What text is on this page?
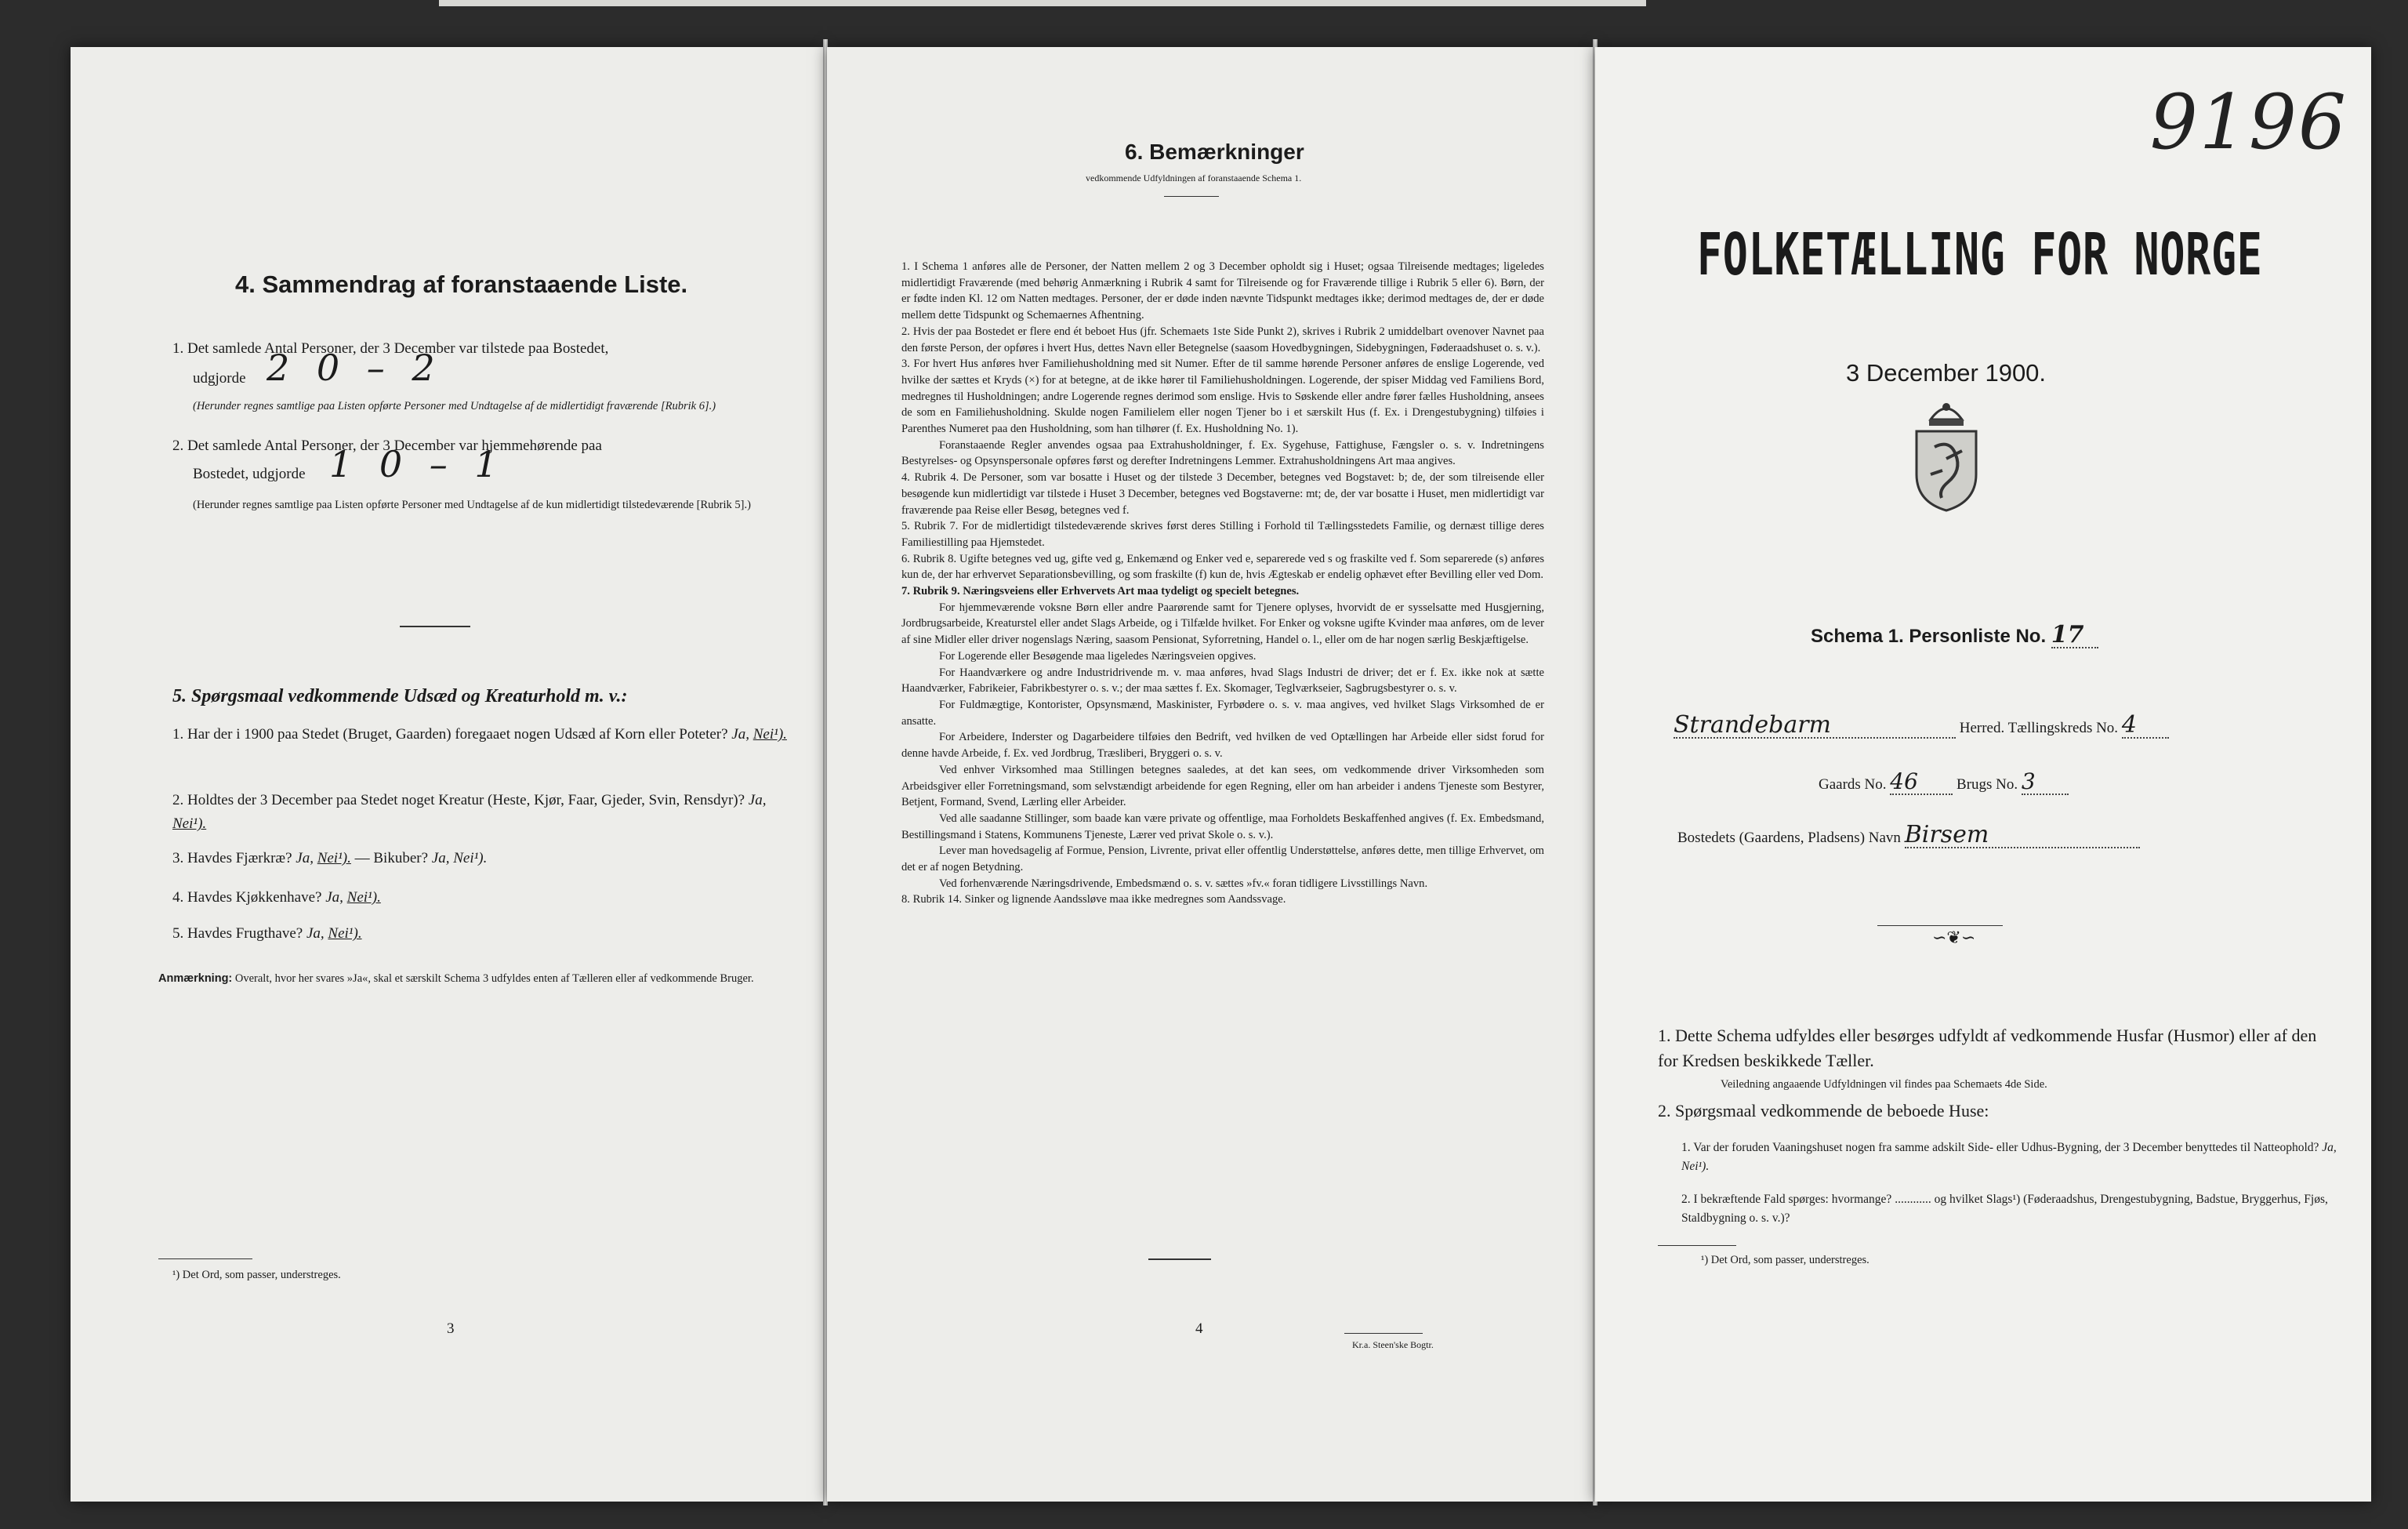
4. Sammendrag af foranstaaende Liste.
1. Det samlede Antal Personer, der 3 December var tilstede paa Bostedet,
udgjorde 2 0 – 2
(Herunder regnes samtlige paa Listen opførte Personer med Undtagelse af de midlertidigt fraværende [Rubrik 6].)
2. Det samlede Antal Personer, der 3 December var hjemmehørende paa
Bostedet, udgjorde 1 0 – 1
(Herunder regnes samtlige paa Listen opførte Personer med Undtagelse af de kun midlertidigt tilstedeværende [Rubrik 5].)
5. Spørgsmaal vedkommende Udsæd og Kreaturhold m. v.:
1. Har der i 1900 paa Stedet (Bruget, Gaarden) foregaaet nogen Udsæd af Korn eller Poteter? Ja, Nei¹).
2. Holdtes der 3 December paa Stedet noget Kreatur (Heste, Kjør, Faar, Gjeder, Svin, Rensdyr)? Ja, Nei¹).
3. Havdes Fjærkræ? Ja, Nei¹). — Bikuber? Ja, Nei¹).
4. Havdes Kjøkkenhave? Ja, Nei¹).
5. Havdes Frugthave? Ja, Nei¹).
Anmærkning: Overalt, hvor her svares »Ja«, skal et særskilt Schema 3 udfyldes enten af Tælleren eller af vedkommende Bruger.
¹) Det Ord, som passer, understreges.
3
6. Bemærkninger
vedkommende Udfyldningen af foranstaaende Schema 1.

1. I Schema 1 anføres alle de Personer, der Natten mellem 2 og 3 December opholdt sig i Huset; ogsaa Tilreisende medtages; ligeledes midlertidigt Fraværende (med behørig Anmærkning i Rubrik 4 samt for Tilreisende og for Fraværende tillige i Rubrik 5 eller 6). Børn, der er fødte inden Kl. 12 om Natten medtages. Personer, der er døde inden nævnte Tidspunkt medtages ikke; derimod medtages de, der er døde mellem dette Tidspunkt og Schemaernes Afhentning.

2. Hvis der paa Bostedet er flere end ét beboet Hus (jfr. Schemaets 1ste Side Punkt 2), skrives i Rubrik 2 umiddelbart ovenover Navnet paa den første Person, der opføres i hvert Hus, dettes Navn eller Betegnelse (saasom Hovedbygningen, Sidebygningen, Føderaadshuset o. s. v.).

3. For hvert Hus anføres hver Familiehusholdning med sit Numer. Efter de til samme hørende Personer anføres de enslige Logerende, ved hvilke der sættes et Kryds (×) for at betegne, at de ikke hører til Familiehusholdningen. Logerende, der spiser Middag ved Familiens Bord, medregnes til Husholdningen; andre Logerende regnes derimod som enslige. Hvis to Søskende eller andre fører fælles Husholdning, ansees de som en Familiehusholdning. Skulde nogen Familielem eller nogen Tjener bo i et særskilt Hus (f. Ex. i Drengestubygning) tilføies i Parenthes Numeret paa den Husholdning, som han tilhører (f. Ex. Husholdning No. 1).

Foranstaaende Regler anvendes ogsaa paa Extrahusholdninger, f. Ex. Sygehuse, Fattighuse, Fængsler o. s. v. Indretningens Bestyrelses- og Opsynspersonale opføres først og derefter Indretningens Lemmer. Extrahusholdningens Art maa angives.

4. Rubrik 4. De Personer, som var bosatte i Huset og der tilstede 3 December, betegnes ved Bogstavet: b; de, der som tilreisende eller besøgende kun midlertidigt var tilstede i Huset 3 December, betegnes ved Bogstaverne: mt; de, der var bosatte i Huset, men midlertidigt var fraværende paa Reise eller Besøg, betegnes ved f.

5. Rubrik 7. For de midlertidigt tilstedeværende skrives først deres Stilling i Forhold til Tællingsstedets Familie, og dernæst tillige deres Familiestilling paa Hjemstedet.

6. Rubrik 8. Ugifte betegnes ved ug, gifte ved g, Enkemænd og Enker ved e, separerede ved s og fraskilte ved f. Som separerede (s) anføres kun de, der har erhvervet Separationsbevilling, og som fraskilte (f) kun de, hvis Ægteskab er endelig ophævet efter Bevilling eller ved Dom.

7. Rubrik 9. Næringsveiens eller Erhvervets Art maa tydeligt og specielt betegnes.

For hjemmeværende voksne Børn eller andre Paarørende samt for Tjenere oplyses, hvorvidt de er sysselsatte med Husgjerning, Jordbrugsarbeide, Kreaturstel eller andet Slags Arbeide, og i Tilfælde hvilket. For Enker og voksne ugifte Kvinder maa anføres, om de lever af sine Midler eller driver nogenslags Næring, saasom Pensionat, Syforretning, Handel o. l., eller om de har nogen særlig Beskjæftigelse.

For Logerende eller Besøgende maa ligeledes Næringsveien opgives.

For Haandværkere og andre Industridrivende m. v. maa anføres, hvad Slags Industri de driver; det er f. Ex. ikke nok at sætte Haandværker, Fabrikeier, Fabrikbestyrer o. s. v.; der maa sættes f. Ex. Skomager, Teglværkseier, Sagbrugsbestyrer o. s. v.

For Fuldmægtige, Kontorister, Opsynsmænd, Maskinister, Fyrbødere o. s. v. maa angives, ved hvilket Slags Virksomhed de er ansatte.

For Arbeidere, Inderster og Dagarbeidere tilføies den Bedrift, ved hvilken de ved Optællingen har Arbeide eller sidst forud for denne havde Arbeide, f. Ex. ved Jordbrug, Træsliberi, Bryggeri o. s. v.

Ved enhver Virksomhed maa Stillingen betegnes saaledes, at det kan sees, om vedkommende driver Virksomheden som Arbeidsgiver eller Forretningsmand, som selvstændigt arbeidende for egen Regning, eller om han arbeider i andens Tjeneste som Bestyrer, Betjent, Formand, Svend, Lærling eller Arbeider.

Ved alle saadanne Stillinger, som baade kan være private og offentlige, maa Forholdets Beskaffenhed angives (f. Ex. Embedsmand, Bestillingsmand i Statens, Kommunens Tjeneste, Lærer ved privat Skole o. s. v.).

Lever man hovedsagelig af Formue, Pension, Livrente, privat eller offentlig Understøttelse, anføres dette, men tillige Erhvervet, om det er af nogen Betydning.

Ved forhenværende Næringsdrivende, Embedsmænd o. s. v. sættes »fv.« foran tidligere Livsstillings Navn.

8. Rubrik 14. Sinker og lignende Aandssløve maa ikke medregnes som Aandssvage.

4
Kr.a. Steen'ske Bogtr.
9196
FOLKETÆLLING FOR NORGE
3 December 1900.
Schema 1. Personliste No. 17
Strandebarm	Herred. Tællingskreds No. 4
Gaards No. 46	Brugs No. 3
Bostedets (Gaardens, Pladsens) Navn Birsem
∽❦∽
1. Dette Schema udfyldes eller besørges udfyldt af vedkommende Husfar (Husmor) eller af den for Kredsen beskikkede Tæller.
Veiledning angaaende Udfyldningen vil findes paa Schemaets 4de Side.
2. Spørgsmaal vedkommende de beboede Huse:
1. Var der foruden Vaaningshuset nogen fra samme adskilt Side- eller Udhus-Bygning, der 3 December benyttedes til Natteophold? Ja, Nei¹).
2. I bekræftende Fald spørges: hvormange? ............ og hvilket Slags¹) (Føderaadshus, Drengestubygning, Badstue, Bryggerhus, Fjøs, Staldbygning o. s. v.)?
¹) Det Ord, som passer, understreges.
